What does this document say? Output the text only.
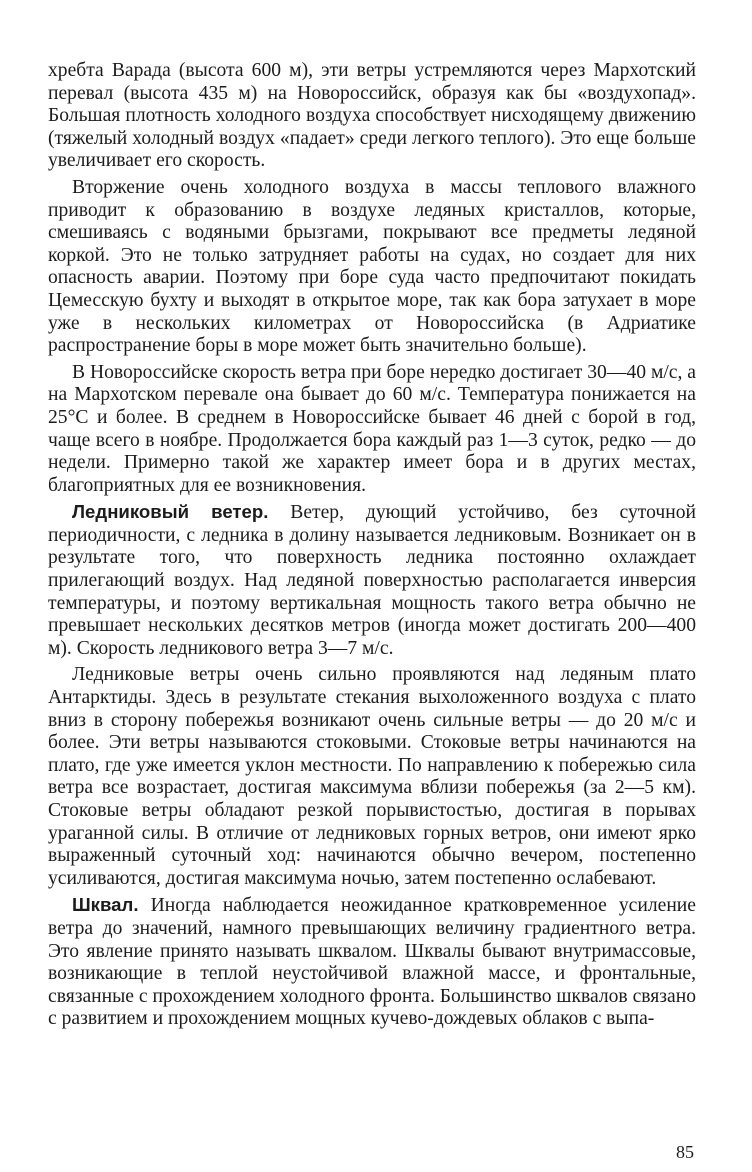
хребта Варада (высота 600 м), эти ветры устремляются через Мархотский перевал (высота 435 м) на Новороссийск, образуя как бы «воздухопад». Большая плотность холодного воздуха способствует нисходящему движению (тяжелый холодный воздух «падает» среди легкого теплого). Это еще больше увеличивает его скорость.

Вторжение очень холодного воздуха в массы теплового влажного приводит к образованию в воздухе ледяных кристаллов, которые, смешиваясь с водяными брызгами, покрывают все предметы ледяной коркой. Это не только затрудняет работы на судах, но создает для них опасность аварии. Поэтому при боре суда часто предпочитают покидать Цемесскую бухту и выходят в открытое море, так как бора затухает в море уже в нескольких километрах от Новороссийска (в Адриатике распространение боры в море может быть значительно больше).

В Новороссийске скорость ветра при боре нередко достигает 30—40 м/с, а на Мархотском перевале она бывает до 60 м/с. Температура понижается на 25°С и более. В среднем в Новороссийске бывает 46 дней с борой в год, чаще всего в ноябре. Продолжается бора каждый раз 1—3 суток, редко — до недели. Примерно такой же характер имеет бора и в других местах, благоприятных для ее возникновения.

Ледниковый ветер. Ветер, дующий устойчиво, без суточной периодичности, с ледника в долину называется ледниковым. Возникает он в результате того, что поверхность ледника постоянно охлаждает прилегающий воздух. Над ледяной поверхностью располагается инверсия температуры, и поэтому вертикальная мощность такого ветра обычно не превышает нескольких десятков метров (иногда может достигать 200—400 м). Скорость ледникового ветра 3—7 м/с.

Ледниковые ветры очень сильно проявляются над ледяным плато Антарктиды. Здесь в результате стекания выхоложенного воздуха с плато вниз в сторону побережья возникают очень сильные ветры — до 20 м/с и более. Эти ветры называются стоковыми. Стоковые ветры начинаются на плато, где уже имеется уклон местности. По направлению к побережью сила ветра все возрастает, достигая максимума вблизи побережья (за 2—5 км). Стоковые ветры обладают резкой порывистостью, достигая в порывах ураганной силы. В отличие от ледниковых горных ветров, они имеют ярко выраженный суточный ход: начинаются обычно вечером, постепенно усиливаются, достигая максимума ночью, затем постепенно ослабевают.

Шквал. Иногда наблюдается неожиданное кратковременное усиление ветра до значений, намного превышающих величину градиентного ветра. Это явление принято называть шквалом. Шквалы бывают внутримассовые, возникающие в теплой неустойчивой влажной массе, и фронтальные, связанные с прохождением холодного фронта. Большинство шквалов связано с развитием и прохождением мощных кучево-дождевых облаков с выпа-

85
